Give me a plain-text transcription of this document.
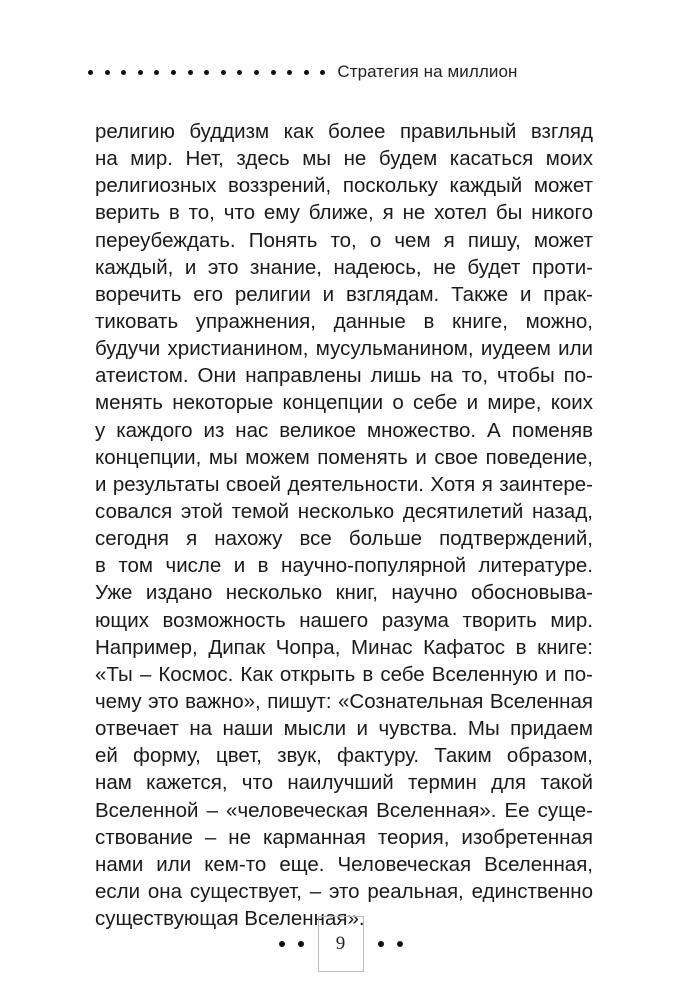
Стратегия на миллион
религию буддизм как более правильный взгляд
на мир. Нет, здесь мы не будем касаться моих
религиозных воззрений, поскольку каждый может
верить в то, что ему ближе, я не хотел бы никого
переубеждать. Понять то, о чем я пишу, может
каждый, и это знание, надеюсь, не будет проти-
воречить его религии и взглядам. Также и прак-
тиковать упражнения, данные в книге, можно,
будучи христианином, мусульманином, иудеем или
атеистом. Они направлены лишь на то, чтобы по-
менять некоторые концепции о себе и мире, коих
у каждого из нас великое множество. А поменяв
концепции, мы можем поменять и свое поведение,
и результаты своей деятельности. Хотя я заинтере-
совался этой темой несколько десятилетий назад,
сегодня я нахожу все больше подтверждений,
в том числе и в научно-популярной литературе.
Уже издано несколько книг, научно обосновыва-
ющих возможность нашего разума творить мир.
Например, Дипак Чопра, Минас Кафатос в книге:
«Ты – Космос. Как открыть в себе Вселенную и по-
чему это важно», пишут: «Сознательная Вселенная
отвечает на наши мысли и чувства. Мы придаем
ей форму, цвет, звук, фактуру. Таким образом,
нам кажется, что наилучший термин для такой
Вселенной – «человеческая Вселенная». Ее суще-
ствование – не карманная теория, изобретенная
нами или кем-то еще. Человеческая Вселенная,
если она существует, – это реальная, единственно
существующая Вселенная».
9
